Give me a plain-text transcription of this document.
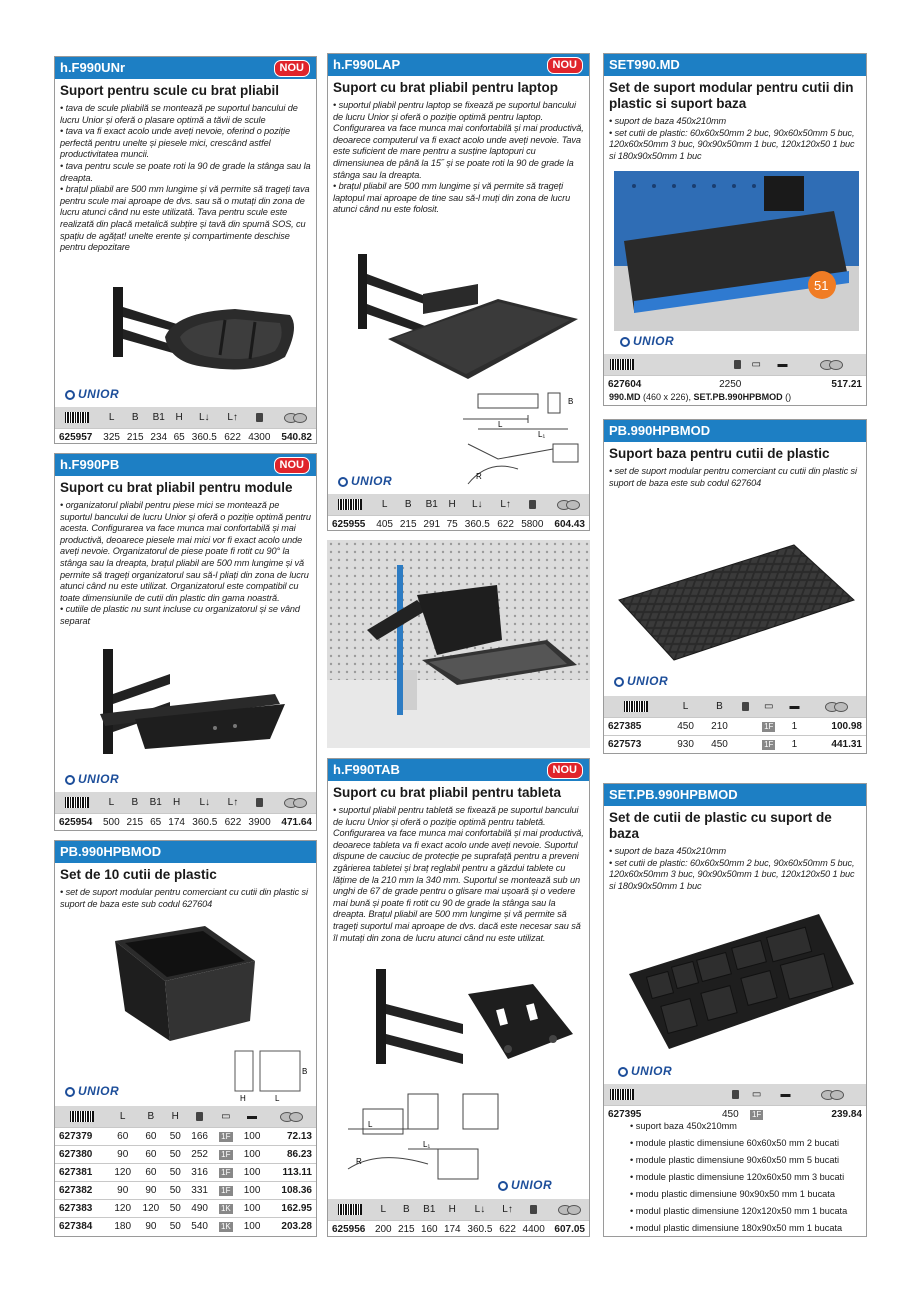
h.F990UNr	NOU
Suport pentru scule cu brat pliabil
• tava de scule pliabilă se montează pe suportul bancului de lucru Unior și oferă o plasare optimă a tăvii de scule
• tava va fi exact acolo unde aveți nevoie, oferind o poziție perfectă pentru unelte și piesele mici, crescând astfel productivitatea muncii.
• tava pentru scule se poate roti la 90 de grade la stânga sau la dreapta.
• brațul pliabil are 500 mm lungime și vă permite să trageți tava pentru scule mai aproape de dvs. sau să o mutați din zona de lucru atunci când nu este utilizată. Tava pentru scule este realizată din placă metalică subțire și tavă din spumă SOS, cu spațiu de agățat! unelte erente și compartimente deschise pentru depozitare
UNIOR
	L	B	B1	H	L↓	L↑		
625957	325	215	234	65	360.5	622	4300	540.82
h.F990LAP	NOU
Suport cu brat pliabil pentru laptop
• suportul pliabil pentru laptop se fixează pe suportul bancului de lucru Unior și oferă o poziție optimă pentru laptop. Configurarea va face munca mai confortabilă și mai productivă, deoarece computerul va fi exact acolo unde aveți nevoie. Tava este suficient de mare pentru a susține laptopuri cu dimensiunea de până la 15˝ și se poate roti la 90 de grade la stânga sau la dreapta.
• brațul pliabil are 500 mm lungime și vă permite să trageți laptopul mai aproape de tine sau să-l muți din zona de lucru atunci când nu este folosit.
L
L₁
B
R
UNIOR
	L	B	B1	H	L↓	L↑		
625955	405	215	291	75	360.5	622	5800	604.43
SET990.MD
Set de suport modular pentru cutii din plastic si suport baza
• suport de baza 450x210mm
• set cutii de plastic: 60x60x50mm 2 buc, 90x60x50mm 5 buc, 120x60x50mm 3 buc, 90x90x50mm 1 buc, 120x120x50 1 buc si 180x90x50mm 1 buc
51
UNIOR
		▭	▬	
627604	2250			517.21
990.MD (460 x 226), SET.PB.990HPBMOD ()
h.F990PB	NOU
Suport cu brat pliabil pentru module
• organizatorul pliabil pentru piese mici se montează pe suportul bancului de lucru Unior și oferă o poziție optimă pentru acesta. Configurarea va face munca mai confortabilă și mai productivă, deoarece piesele mai mici vor fi exact acolo unde aveți nevoie. Organizatorul de piese poate fi rotit cu 90° la stânga sau la dreapta, brațul pliabil are 500 mm lungime și vă permite să trageți organizatorul sau să-l pliați din zona de lucru atunci când nu este utilizat. Organizatorul este compatibil cu toate dimensiunile de cutii din plastic din gama noastră.
• cutiile de plastic nu sunt incluse cu organizatorul și se vând separat
UNIOR
	L	B	B1	H	L↓	L↑		
625954	500	215	65	174	360.5	622	3900	471.64
PB.990HPBMOD
Suport baza pentru cutii de plastic
• set de suport modular pentru comerciant cu cutii din plastic si suport de baza este sub codul 627604
UNIOR
	L	B		▭	▬	
627385	450	210		1F	1	100.98
627573	930	450		1F	1	441.31
PB.990HPBMOD
Set de 10 cutii de plastic
• set de suport modular pentru comerciant cu cutii din plastic si suport de baza este sub codul 627604
B
H	L
UNIOR
	L	B	H		▭	▬	
627379	60	60	50	166	1F	100	72.13
627380	90	60	50	252	1F	100	86.23
627381	120	60	50	316	1F	100	113.11
627382	90	90	50	331	1F	100	108.36
627383	120	120	50	490	1K	100	162.95
627384	180	90	50	540	1K	100	203.28
h.F990TAB	NOU
Suport cu brat pliabil pentru tableta
• suportul pliabil pentru tabletă se fixează pe suportul bancului de lucru Unior și oferă o poziție optimă pentru tabletă. Configurarea va face munca mai confortabilă și mai productivă, deoarece tableta va fi exact acolo unde aveți nevoie. Suportul dispune de cauciuc de protecție pe suprafață pentru a preveni zgârierea tabletei și braț reglabil pentru a găzdui tablete cu lățime de la 210 mm la 340 mm. Suportul se montează sub un unghi de 67 de grade pentru o glisare mai ușoară și o vedere mai bună și poate fi rotit cu 90 de grade la stânga sau la dreapta. Brațul pliabil are 500 mm lungime și vă permite să trageți suportul mai aproape de dvs. dacă este necesar sau să îl mutați din zona de lucru atunci când nu este utilizat.
L
L₁
R
UNIOR
	L	B	B1	H	L↓	L↑		
625956	200	215	160	174	360.5	622	4400	607.05
SET.PB.990HPBMOD
Set de cutii de plastic cu suport de baza
• suport de baza 450x210mm
• set cutii de plastic: 60x60x50mm 2 buc, 90x60x50mm 5 buc, 120x60x50mm 3 buc, 90x90x50mm 1 buc, 120x120x50 1 buc si 180x90x50mm 1 buc
UNIOR
		▭	▬	
627395	450	1F		239.84
• suport baza 450x210mm
• module plastic dimensiune 60x60x50 mm 2 bucati
• module plastic dimensiune 90x60x50 mm 5 bucati
• module plastic dimensiune 120x60x50 mm 3 bucati
• modu plastic dimensiune 90x90x50 mm 1 bucata
• modul plastic dimensiune 120x120x50 mm 1 bucata
• modul plastic dimensiune 180x90x50 mm 1 bucata
